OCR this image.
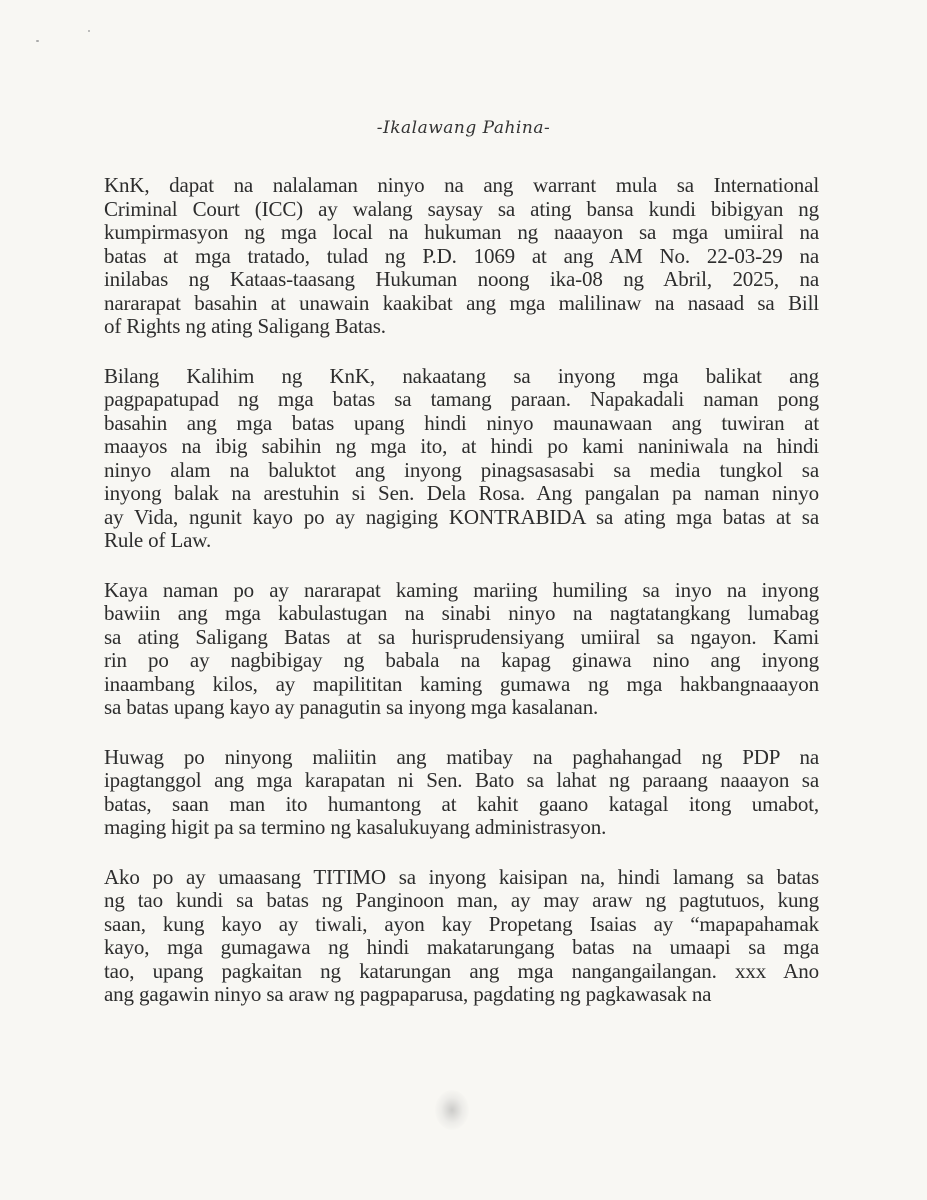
-Ikalawang Pahina-
KnK, dapat na nalalaman ninyo na ang warrant mula sa International
Criminal Court (ICC) ay walang saysay sa ating bansa kundi bibigyan ng
kumpirmasyon ng mga local na hukuman ng naaayon sa mga umiiral na
batas at mga tratado, tulad ng P.D. 1069 at ang AM No. 22-03-29 na
inilabas ng Kataas-taasang Hukuman noong ika-08 ng Abril, 2025, na
nararapat basahin at unawain kaakibat ang mga malilinaw na nasaad sa Bill
of Rights ng ating Saligang Batas.
Bilang Kalihim ng KnK, nakaatang sa inyong mga balikat ang
pagpapatupad ng mga batas sa tamang paraan. Napakadali naman pong
basahin ang mga batas upang hindi ninyo maunawaan ang tuwiran at
maayos na ibig sabihin ng mga ito, at hindi po kami naniniwala na hindi
ninyo alam na baluktot ang inyong pinagsasasabi sa media tungkol sa
inyong balak na arestuhin si Sen. Dela Rosa. Ang pangalan pa naman ninyo
ay Vida, ngunit kayo po ay nagiging KONTRABIDA sa ating mga batas at sa
Rule of Law.
Kaya naman po ay nararapat kaming mariing humiling sa inyo na inyong
bawiin ang mga kabulastugan na sinabi ninyo na nagtatangkang lumabag
sa ating Saligang Batas at sa hurisprudensiyang umiiral sa ngayon. Kami
rin po ay nagbibigay ng babala na kapag ginawa nino ang inyong
inaambang kilos, ay mapilititan kaming gumawa ng mga hakbangnaaayon
sa batas upang kayo ay panagutin sa inyong mga kasalanan.
Huwag po ninyong maliitin ang matibay na paghahangad ng PDP na
ipagtanggol ang mga karapatan ni Sen. Bato sa lahat ng paraang naaayon sa
batas, saan man ito humantong at kahit gaano katagal itong umabot,
maging higit pa sa termino ng kasalukuyang administrasyon.
Ako po ay umaasang TITIMO sa inyong kaisipan na, hindi lamang sa batas
ng tao kundi sa batas ng Panginoon man, ay may araw ng pagtutuos, kung
saan, kung kayo ay tiwali, ayon kay Propetang Isaias ay “mapapahamak
kayo, mga gumagawa ng hindi makatarungang batas na umaapi sa mga
tao, upang pagkaitan ng katarungan ang mga nangangailangan. xxx Ano
ang gagawin ninyo sa araw ng pagpaparusa, pagdating ng pagkawasak na
